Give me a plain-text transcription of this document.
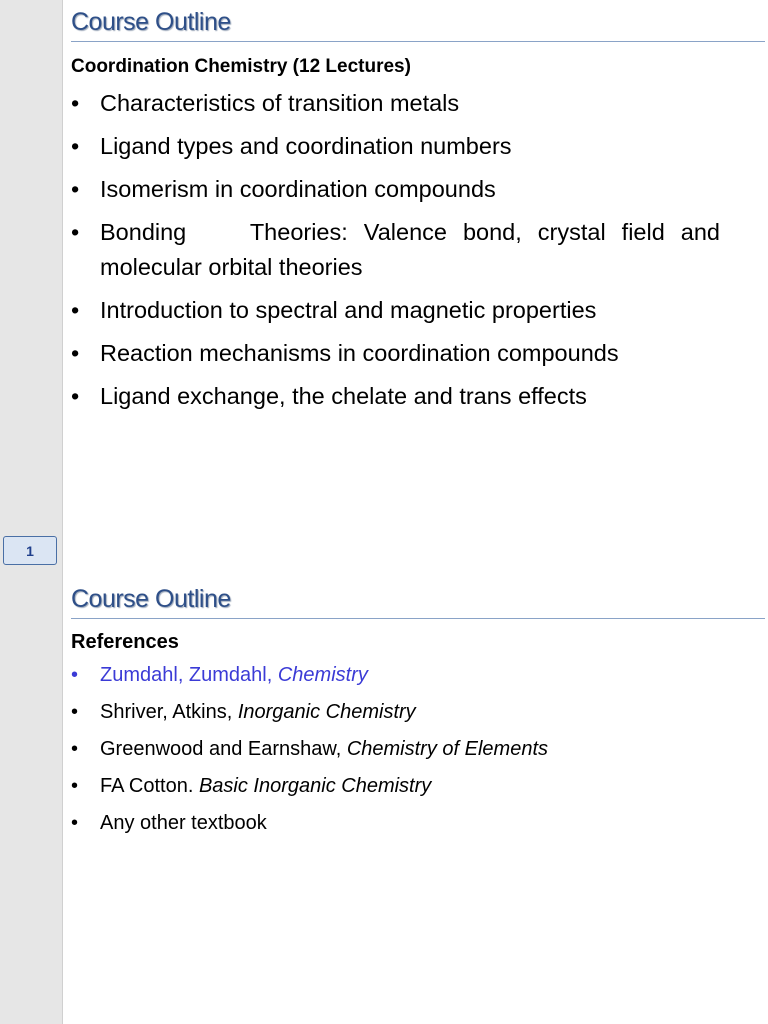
1
Course Outline

Coordination Chemistry (12 Lectures)

• Characteristics of transition metals
• Ligand types and coordination numbers
• Isomerism in coordination compounds
• Bonding    Theories: Valence bond, crystal field and  molecular orbital theories
• Introduction to spectral and magnetic properties
• Reaction mechanisms in coordination compounds
• Ligand exchange, the chelate and trans effects
Course Outline

References

• Zumdahl, Zumdahl, Chemistry
• Shriver, Atkins, Inorganic Chemistry
• Greenwood and Earnshaw, Chemistry of Elements
• FA Cotton. Basic Inorganic Chemistry
• Any other textbook
